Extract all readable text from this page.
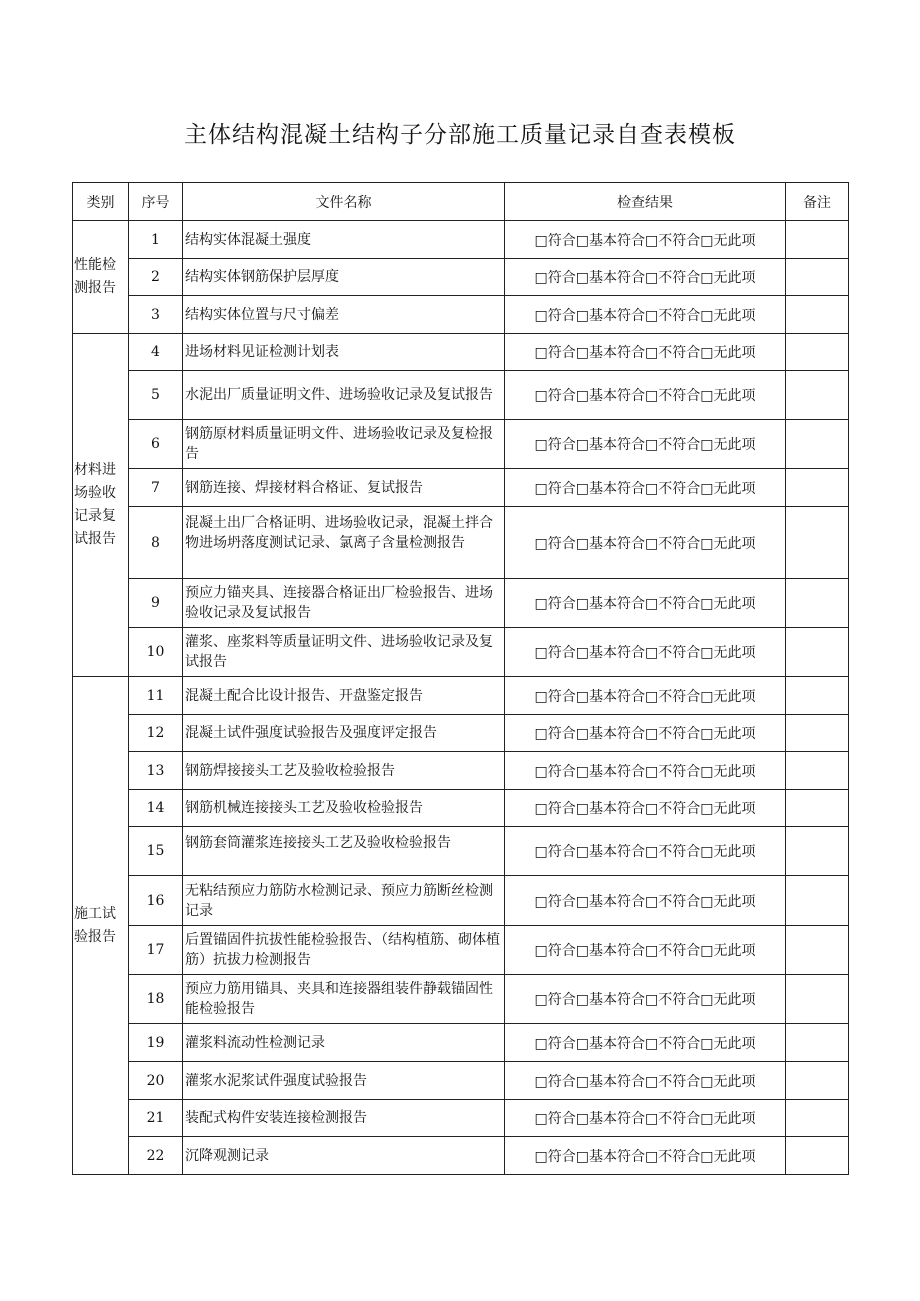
主体结构混凝土结构子分部施工质量记录自查表模板
类别	序号	文件名称	检查结果	备注
性能检测报告	1	结构实体混凝土强度	□符合□基本符合□不符合□无此项	
	2	结构实体钢筋保护层厚度	□符合□基本符合□不符合□无此项	
	3	结构实体位置与尺寸偏差	□符合□基本符合□不符合□无此项	
材料进场验收记录复试报告	4	进场材料见证检测计划表	□符合□基本符合□不符合□无此项	
	5	水泥出厂质量证明文件、进场验收记录及复试报告	□符合□基本符合□不符合□无此项	
	6	钢筋原材料质量证明文件、进场验收记录及复检报告	□符合□基本符合□不符合□无此项	
	7	钢筋连接、焊接材料合格证、复试报告	□符合□基本符合□不符合□无此项	
	8	混凝土出厂合格证明、进场验收记录，混凝土拌合物进场坍落度测试记录、氯离子含量检测报告	□符合□基本符合□不符合□无此项	
	9	预应力锚夹具、连接器合格证出厂检验报告、进场验收记录及复试报告	□符合□基本符合□不符合□无此项	
	10	灌浆、座浆料等质量证明文件、进场验收记录及复试报告	□符合□基本符合□不符合□无此项	
施工试验报告	11	混凝土配合比设计报告、开盘鉴定报告	□符合□基本符合□不符合□无此项	
	12	混凝土试件强度试验报告及强度评定报告	□符合□基本符合□不符合□无此项	
	13	钢筋焊接接头工艺及验收检验报告	□符合□基本符合□不符合□无此项	
	14	钢筋机械连接接头工艺及验收检验报告	□符合□基本符合□不符合□无此项	
	15	钢筋套筒灌浆连接接头工艺及验收检验报告	□符合□基本符合□不符合□无此项	
	16	无粘结预应力筋防水检测记录、预应力筋断丝检测记录	□符合□基本符合□不符合□无此项	
	17	后置锚固件抗拔性能检验报告、（结构植筋、砌体植筋）抗拔力检测报告	□符合□基本符合□不符合□无此项	
	18	预应力筋用锚具、夹具和连接器组装件静载锚固性能检验报告	□符合□基本符合□不符合□无此项	
	19	灌浆料流动性检测记录	□符合□基本符合□不符合□无此项	
	20	灌浆水泥浆试件强度试验报告	□符合□基本符合□不符合□无此项	
	21	装配式构件安装连接检测报告	□符合□基本符合□不符合□无此项	
	22	沉降观测记录	□符合□基本符合□不符合□无此项	
